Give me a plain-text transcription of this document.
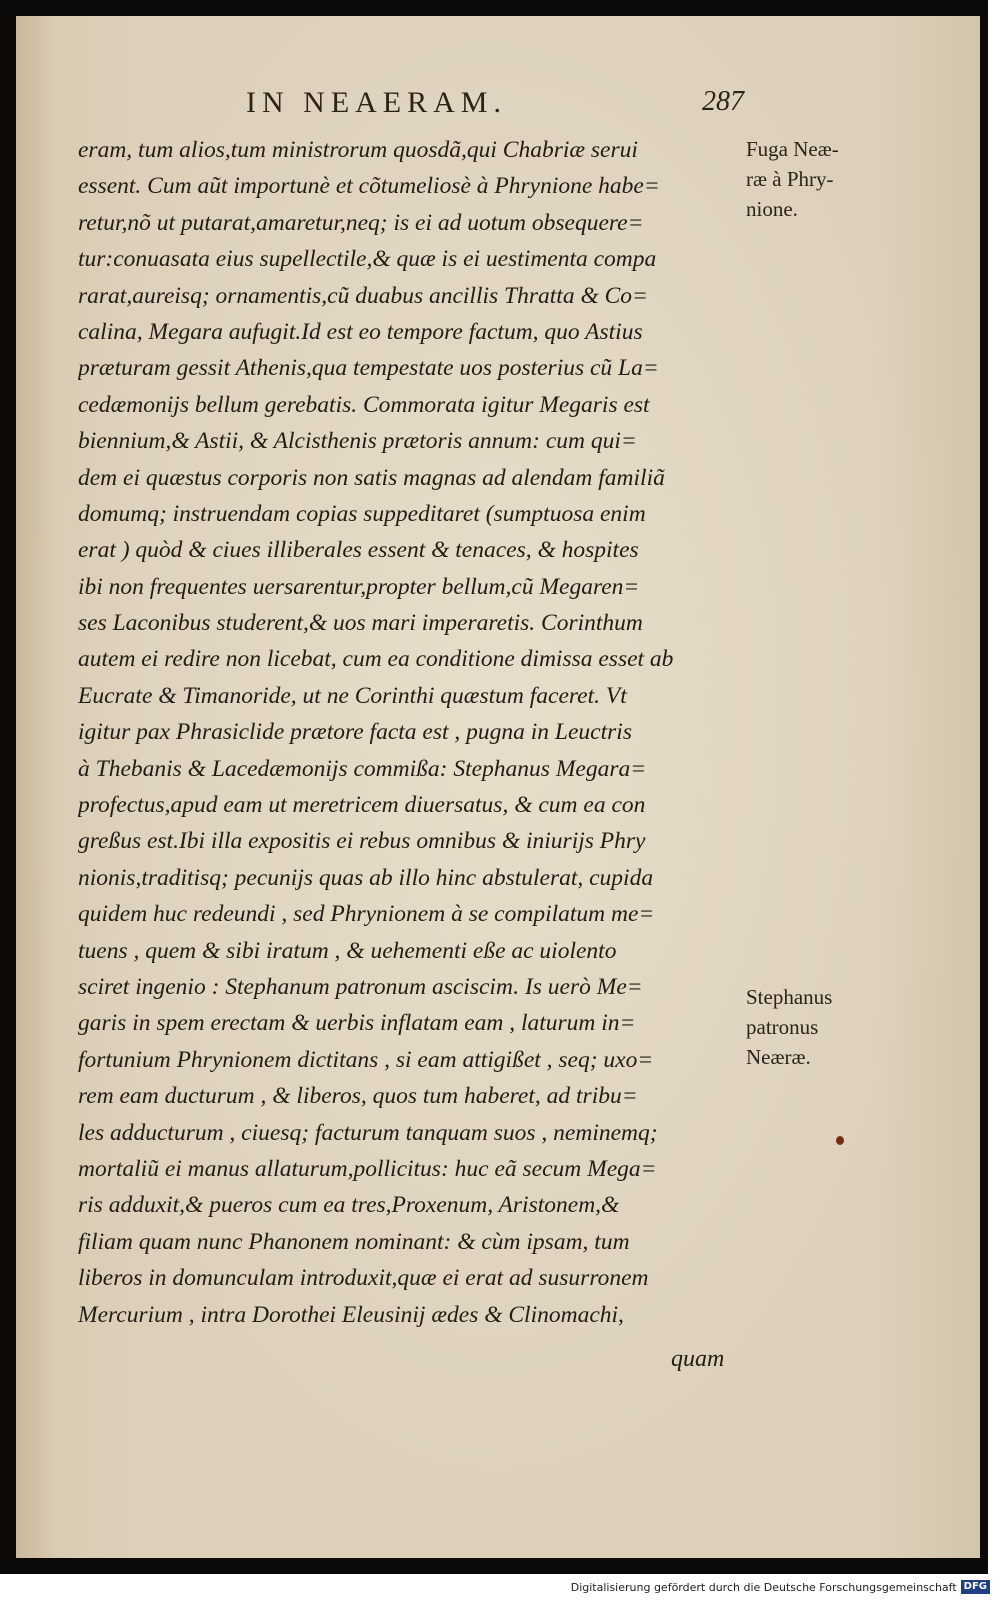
IN NEAERAM.	287
eram, tum alios,tum ministrorum quosdã,qui Chabriæ serui
essent. Cum aũt importunè et cõtumeliosè à Phrynione habe=
retur,nõ ut putarat,amaretur,neq; is ei ad uotum obsequere=
tur:conuasata eius supellectile,& quæ is ei uestimenta compa
rarat,aureisq; ornamentis,cũ duabus ancillis Thratta & Co=
calina, Megara aufugit.Id est eo tempore factum, quo Astius
præturam gessit Athenis,qua tempestate uos posterius cũ La=
cedæmonijs bellum gerebatis. Commorata igitur Megaris est
biennium,& Astii, & Alcisthenis prætoris annum: cum qui=
dem ei quæstus corporis non satis magnas ad alendam familiã
domumq; instruendam copias suppeditaret (sumptuosa enim
erat ) quòd & ciues illiberales essent & tenaces, & hospites
ibi non frequentes uersarentur,propter bellum,cũ Megaren=
ses Laconibus studerent,& uos mari imperaretis. Corinthum
autem ei redire non licebat, cum ea conditione dimissa esset ab
Eucrate & Timanoride, ut ne Corinthi quæstum faceret. Vt
igitur pax Phrasiclide prætore facta est , pugna in Leuctris
à Thebanis & Lacedæmonijs commißa: Stephanus Megara=
profectus,apud eam ut meretricem diuersatus, & cum ea con
greßus est.Ibi illa expositis ei rebus omnibus & iniurijs Phry
nionis,traditisq; pecunijs quas ab illo hinc abstulerat, cupida
quidem huc redeundi , sed Phrynionem à se compilatum me=
tuens , quem & sibi iratum , & uehementi eße ac uiolento
sciret ingenio : Stephanum patronum ascisciт. Is uerò Me=
garis in spem erectam & uerbis inflatam eam , laturum in=
fortunium Phrynionem dictitans , si eam attigißet , seq; uxo=
rem eam ducturum , & liberos, quos tum haberet, ad tribu=
les adducturum , ciuesq; facturum tanquam suos , neminemq;
mortaliũ ei manus allaturum,pollicitus: huc eã secum Mega=
ris adduxit,& pueros cum ea tres,Proxenum, Aristonem,&
filiam quam nunc Phanonem nominant: & cùm ipsam, tum
liberos in domunculam introduxit,quæ ei erat ad susurronem
Mercurium , intra Dorothei Eleusinij ædes & Clinomachi,
quam
Fuga Neæ-
ræ à Phry-
nione.
Stephanus
patronus
Neæræ.
Digitalisierung gefördert durch die Deutsche Forschungsgemeinschaft DFG
